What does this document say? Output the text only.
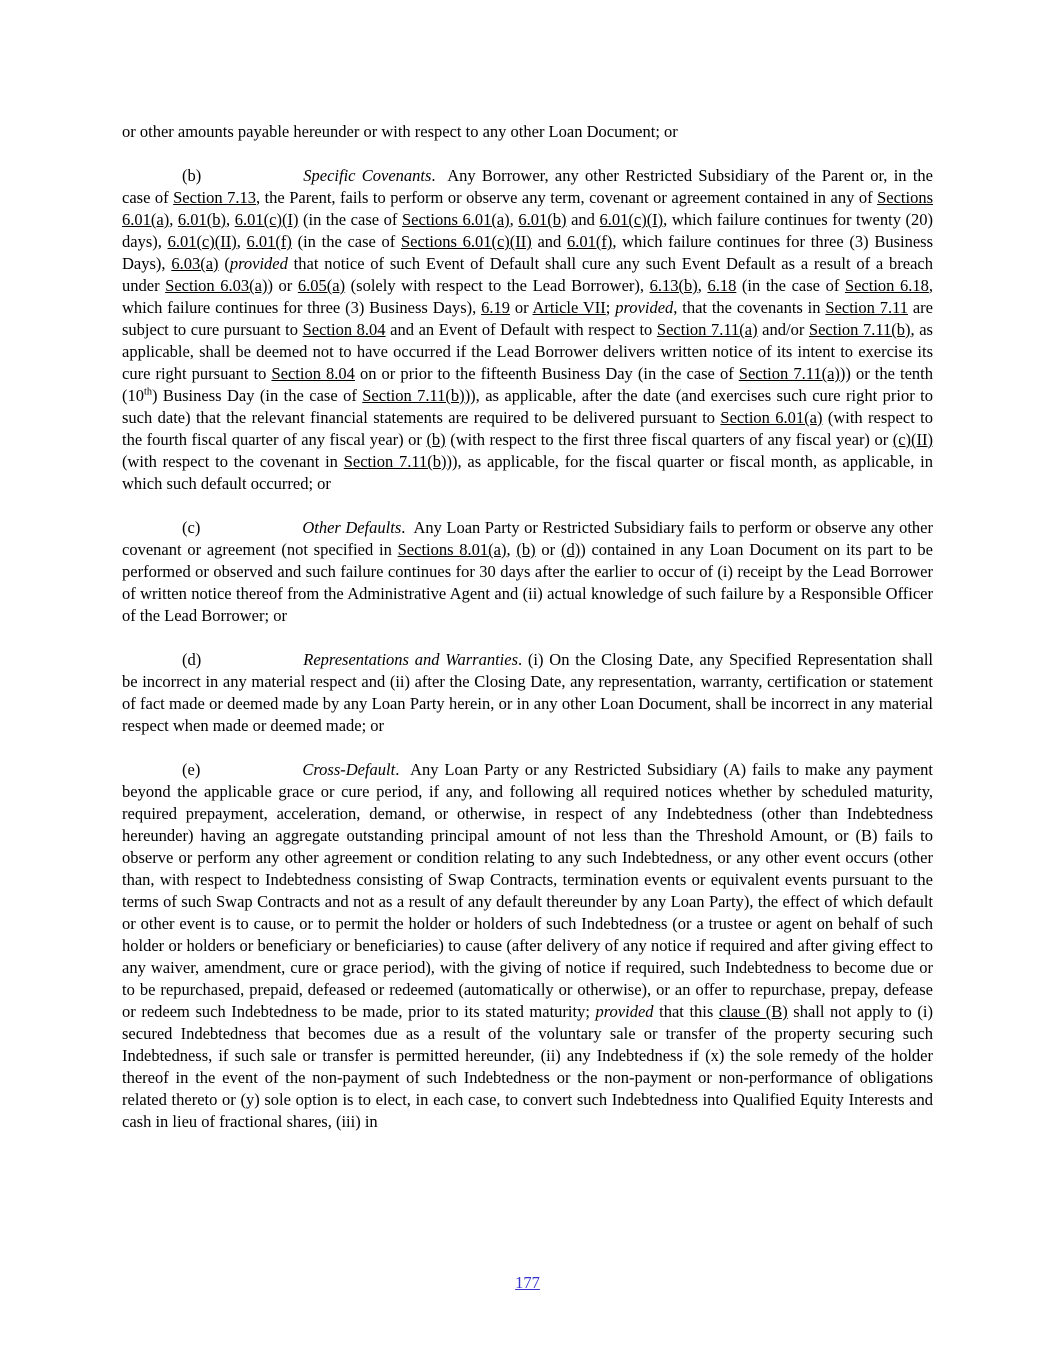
or other amounts payable hereunder or with respect to any other Loan Document; or

(b)	Specific Covenants.  Any Borrower, any other Restricted Subsidiary of the Parent or, in the case of Section 7.13, the Parent, fails to perform or observe any term, covenant or agreement contained in any of Sections 6.01(a), 6.01(b), 6.01(c)(I) (in the case of Sections 6.01(a), 6.01(b) and 6.01(c)(I), which failure continues for twenty (20) days), 6.01(c)(II), 6.01(f) (in the case of Sections 6.01(c)(II) and 6.01(f), which failure continues for three (3) Business Days), 6.03(a) (provided that notice of such Event of Default shall cure any such Event Default as a result of a breach under Section 6.03(a)) or 6.05(a) (solely with respect to the Lead Borrower), 6.13(b), 6.18 (in the case of Section 6.18, which failure continues for three (3) Business Days), 6.19 or Article VII; provided, that the covenants in Section 7.11 are subject to cure pursuant to Section 8.04 and an Event of Default with respect to Section 7.11(a) and/or Section 7.11(b), as applicable, shall be deemed not to have occurred if the Lead Borrower delivers written notice of its intent to exercise its cure right pursuant to Section 8.04 on or prior to the fifteenth Business Day (in the case of Section 7.11(a))) or the tenth (10th) Business Day (in the case of Section 7.11(b))), as applicable, after the date (and exercises such cure right prior to such date) that the relevant financial statements are required to be delivered pursuant to Section 6.01(a) (with respect to the fourth fiscal quarter of any fiscal year) or (b) (with respect to the first three fiscal quarters of any fiscal year) or (c)(II) (with respect to the covenant in Section 7.11(b))), as applicable, for the fiscal quarter or fiscal month, as applicable, in which such default occurred; or

(c)	Other Defaults.  Any Loan Party or Restricted Subsidiary fails to perform or observe any other covenant or agreement (not specified in Sections 8.01(a), (b) or (d)) contained in any Loan Document on its part to be performed or observed and such failure continues for 30 days after the earlier to occur of (i) receipt by the Lead Borrower of written notice thereof from the Administrative Agent and (ii) actual knowledge of such failure by a Responsible Officer of the Lead Borrower; or

(d)	Representations and Warranties. (i) On the Closing Date, any Specified Representation shall be incorrect in any material respect and (ii) after the Closing Date, any representation, warranty, certification or statement of fact made or deemed made by any Loan Party herein, or in any other Loan Document, shall be incorrect in any material respect when made or deemed made; or

(e)	Cross-Default.  Any Loan Party or any Restricted Subsidiary (A) fails to make any payment beyond the applicable grace or cure period, if any, and following all required notices whether by scheduled maturity, required prepayment, acceleration, demand, or otherwise, in respect of any Indebtedness (other than Indebtedness hereunder) having an aggregate outstanding principal amount of not less than the Threshold Amount, or (B) fails to observe or perform any other agreement or condition relating to any such Indebtedness, or any other event occurs (other than, with respect to Indebtedness consisting of Swap Contracts, termination events or equivalent events pursuant to the terms of such Swap Contracts and not as a result of any default thereunder by any Loan Party), the effect of which default or other event is to cause, or to permit the holder or holders of such Indebtedness (or a trustee or agent on behalf of such holder or holders or beneficiary or beneficiaries) to cause (after delivery of any notice if required and after giving effect to any waiver, amendment, cure or grace period), with the giving of notice if required, such Indebtedness to become due or to be repurchased, prepaid, defeased or redeemed (automatically or otherwise), or an offer to repurchase, prepay, defease or redeem such Indebtedness to be made, prior to its stated maturity; provided that this clause (B) shall not apply to (i) secured Indebtedness that becomes due as a result of the voluntary sale or transfer of the property securing such Indebtedness, if such sale or transfer is permitted hereunder, (ii) any Indebtedness if (x) the sole remedy of the holder thereof in the event of the non-payment of such Indebtedness or the non-payment or non-performance of obligations related thereto or (y) sole option is to elect, in each case, to convert such Indebtedness into Qualified Equity Interests and cash in lieu of fractional shares, (iii) in

177
